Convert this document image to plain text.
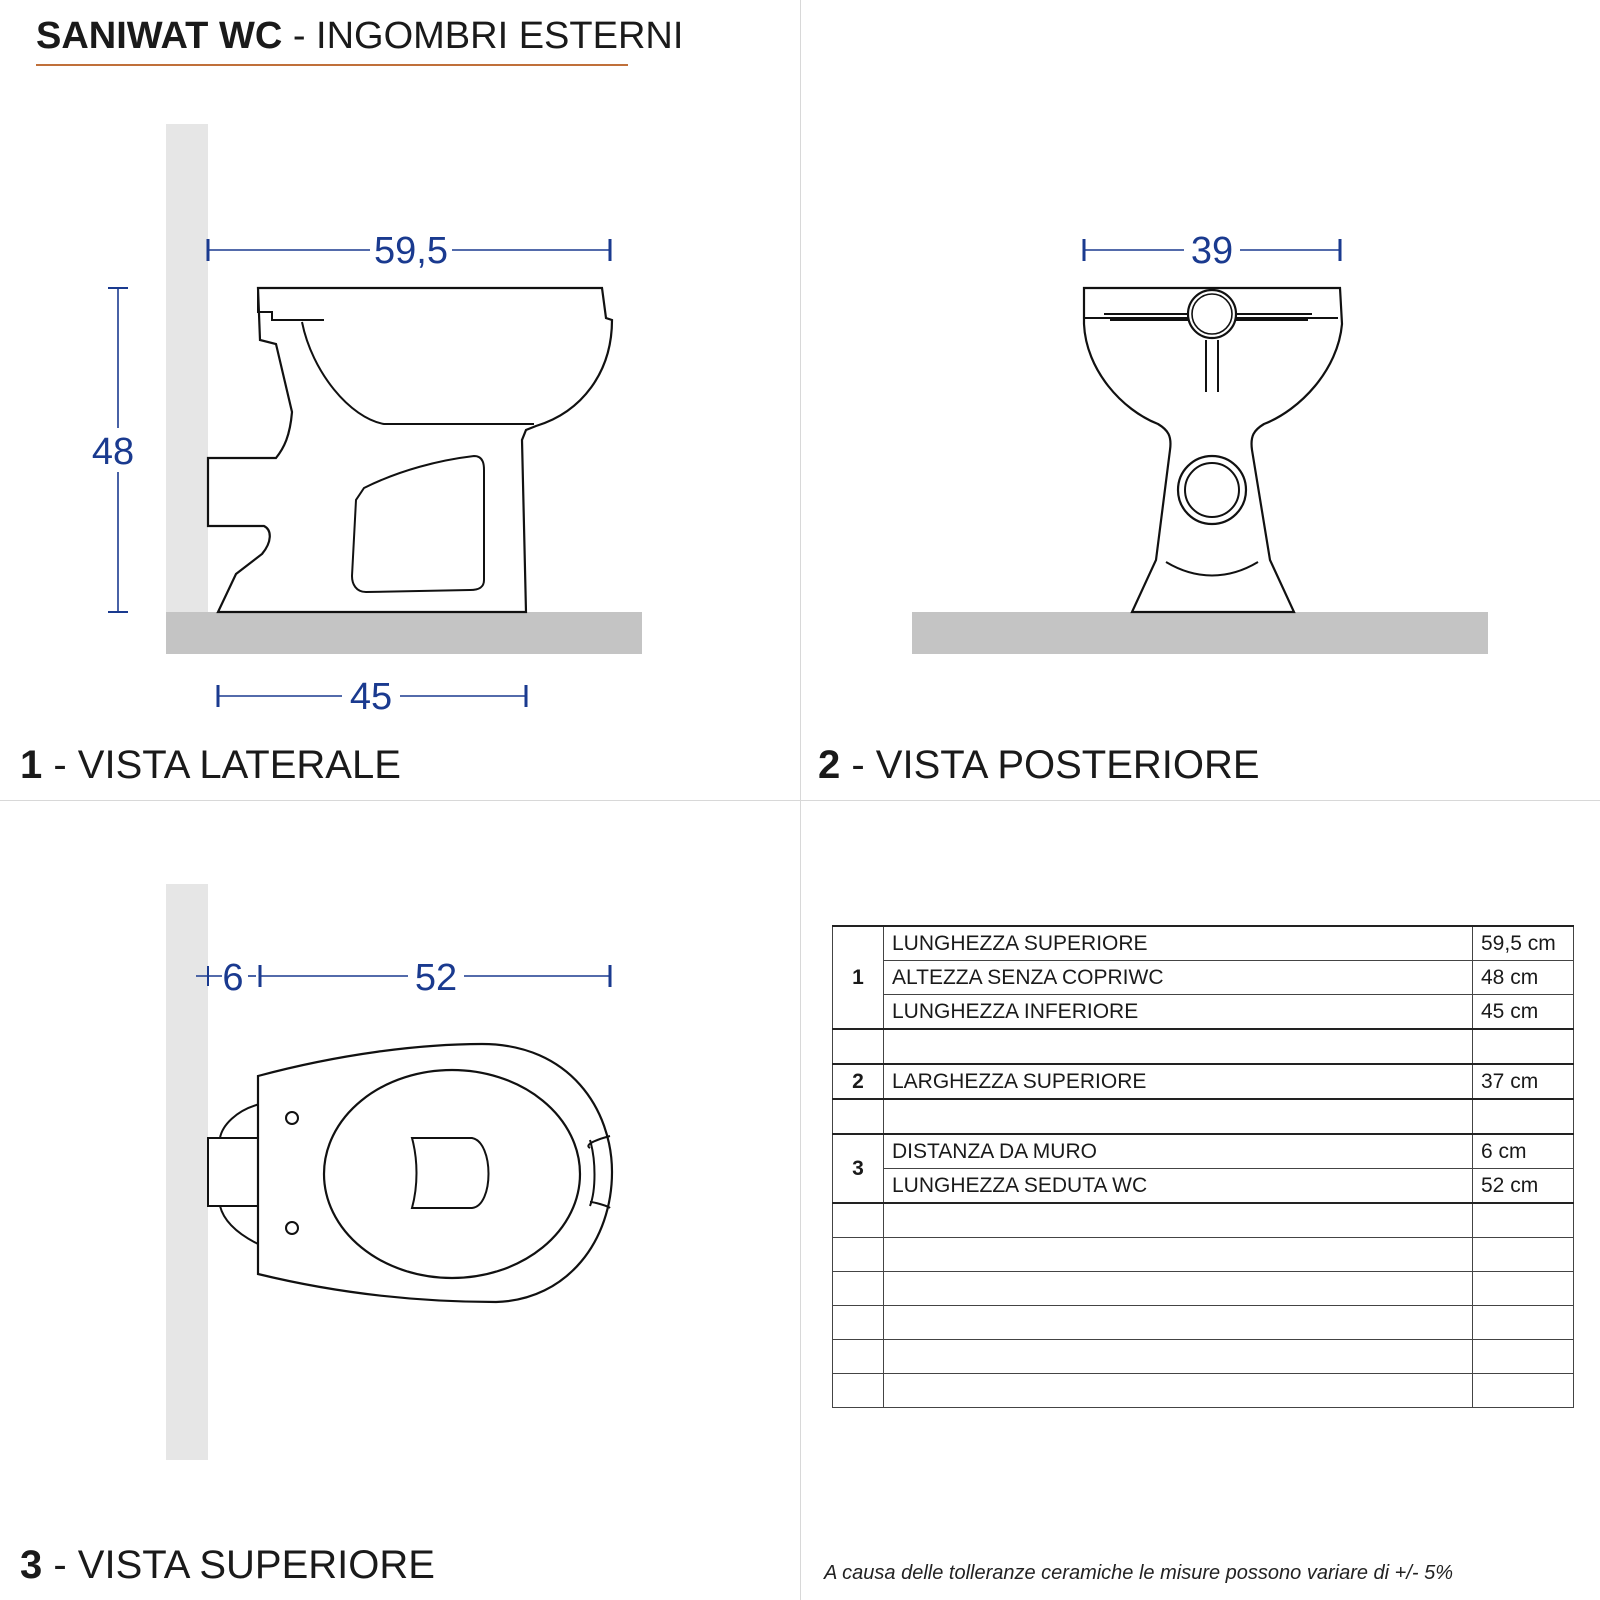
SANIWAT WC - INGOMBRI ESTERNI
59,5
48
45
39
6	52
1 - VISTA LATERALE	2 - VISTA POSTERIORE
3 - VISTA SUPERIORE
1	LUNGHEZZA SUPERIORE	59,5 cm
	ALTEZZA SENZA COPRIWC	48 cm
	LUNGHEZZA INFERIORE	45 cm

2	LARGHEZZA SUPERIORE	37 cm

3	DISTANZA DA MURO	6 cm
	LUNGHEZZA SEDUTA WC	52 cm

A causa delle tolleranze ceramiche le misure possono variare di +/- 5%
